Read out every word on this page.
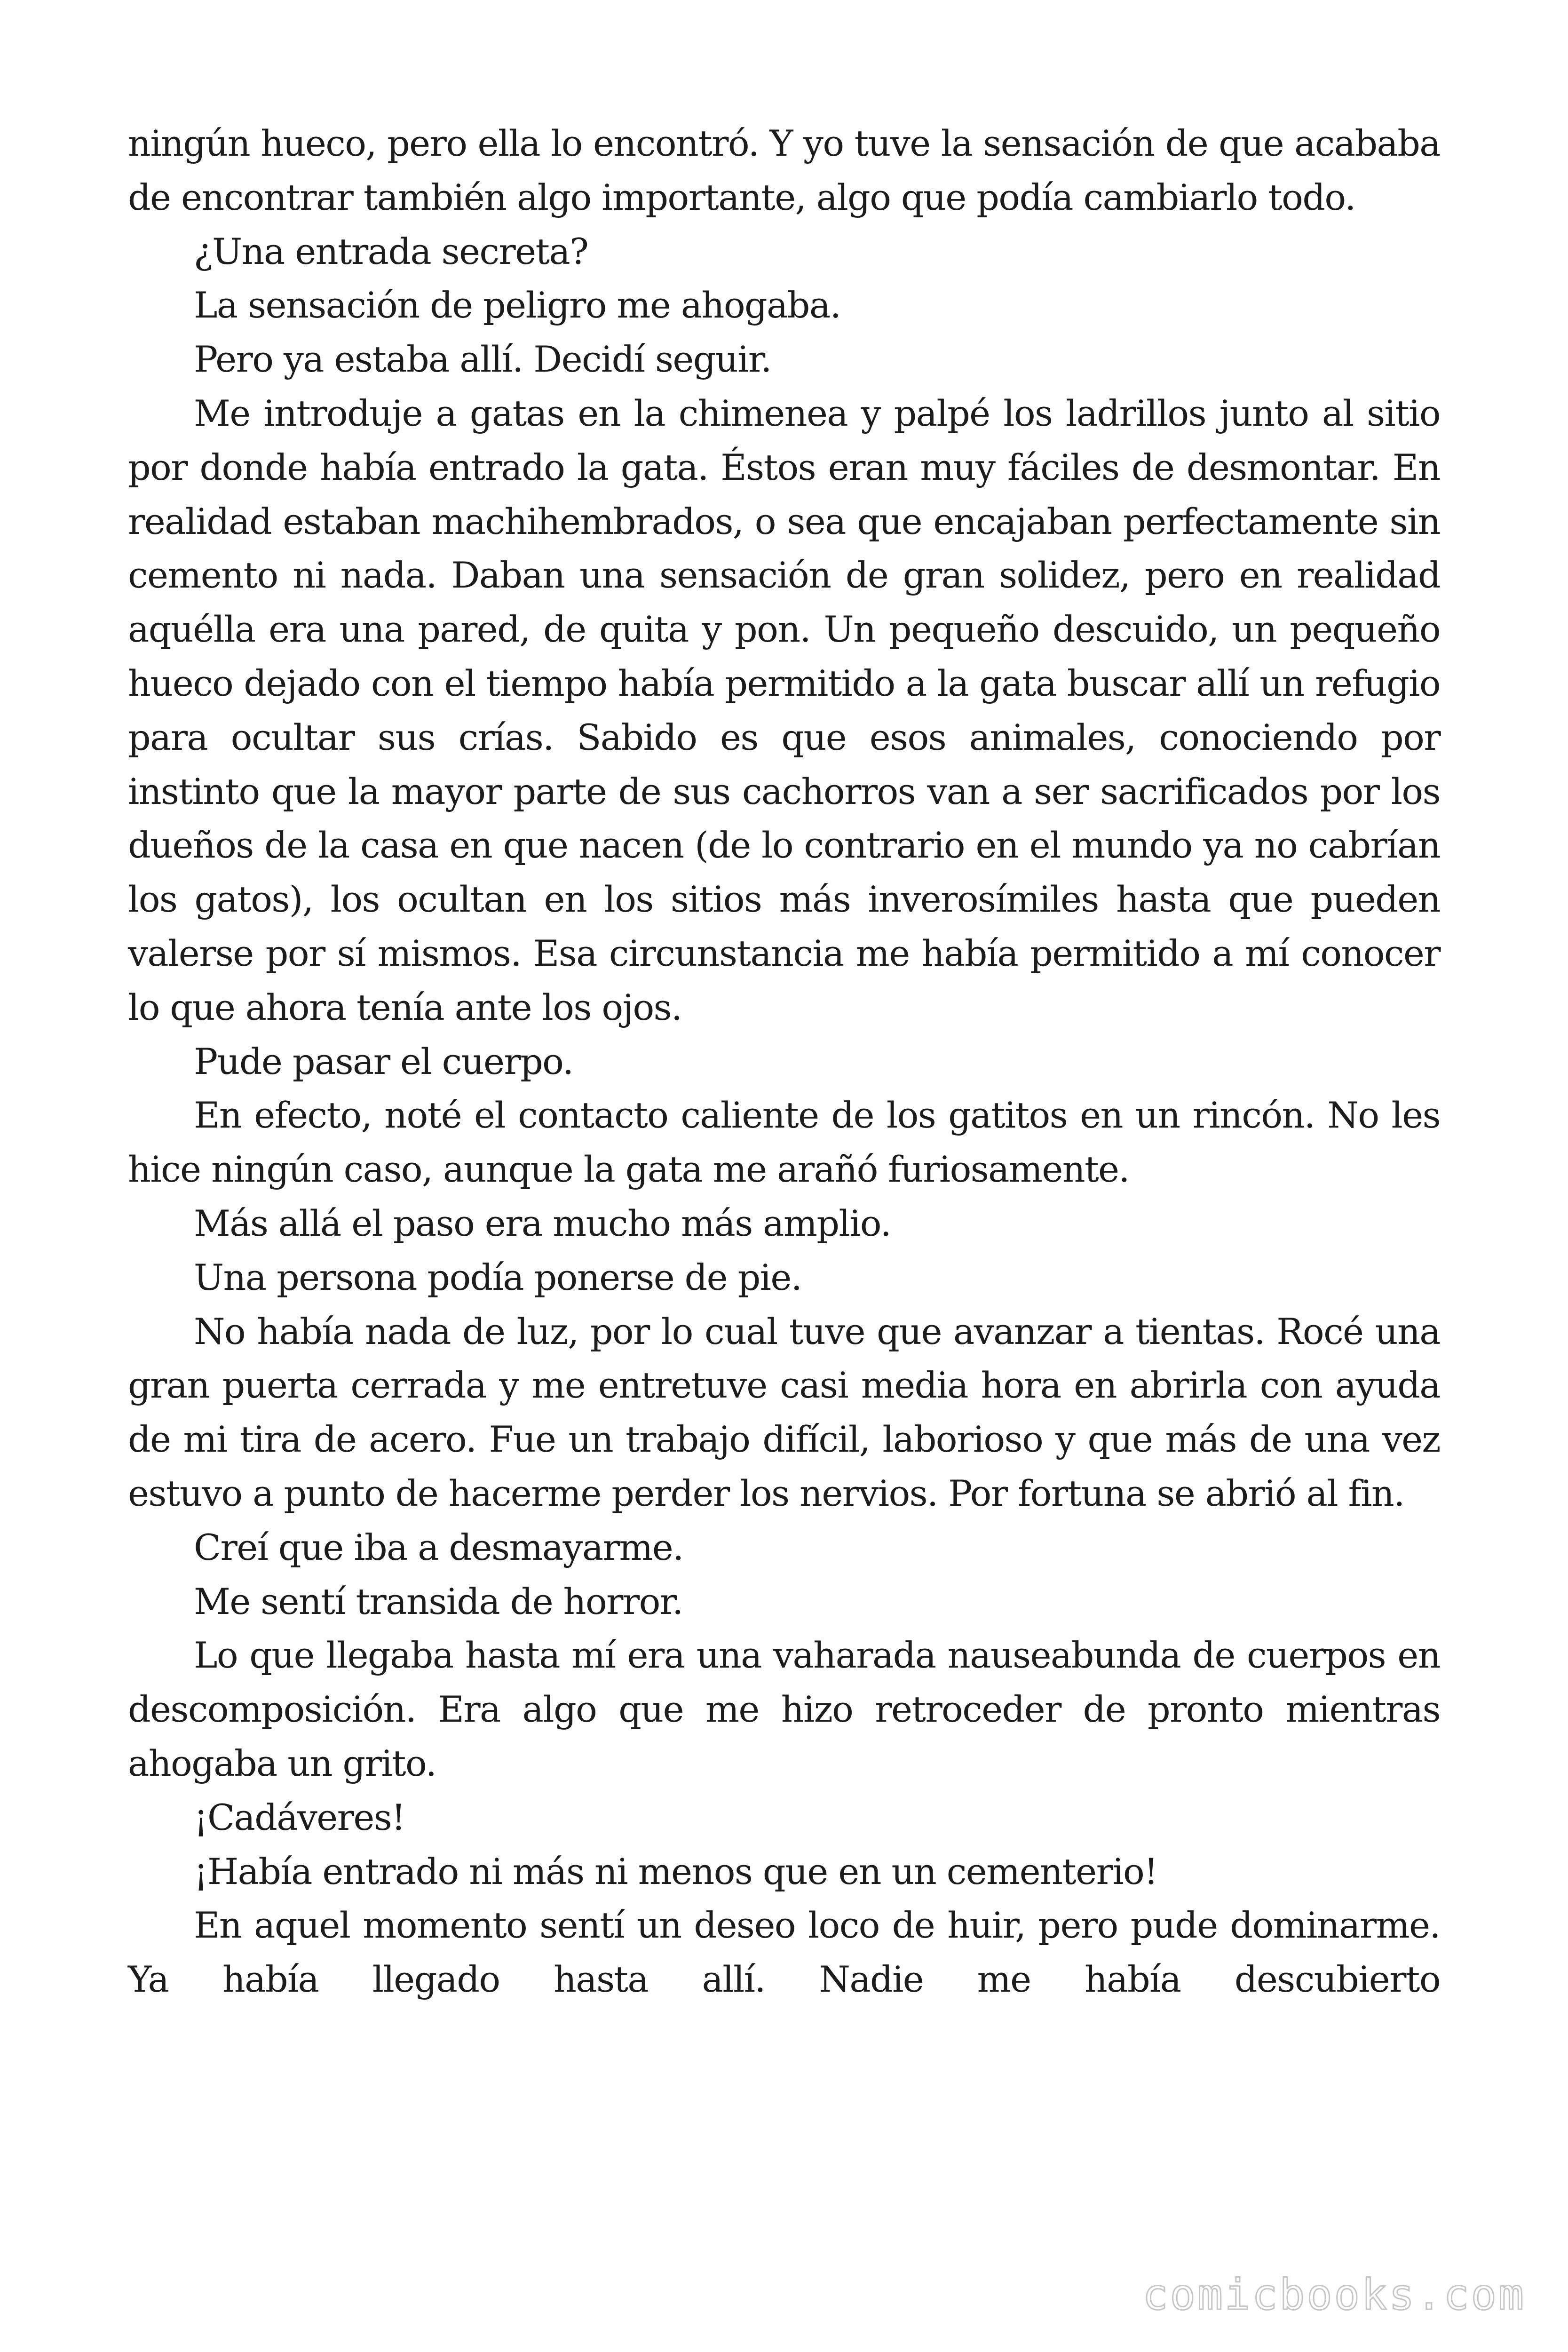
ningún hueco, pero ella lo encontró. Y yo tuve la sensación de que acababa de encontrar también algo importante, algo que podía cambiarlo todo.

¿Una entrada secreta?

La sensación de peligro me ahogaba.

Pero ya estaba allí. Decidí seguir.

Me introduje a gatas en la chimenea y palpé los ladrillos junto al sitio por donde había entrado la gata. Éstos eran muy fáciles de desmontar. En realidad estaban machihembrados, o sea que encajaban perfectamente sin cemento ni nada. Daban una sensación de gran solidez, pero en realidad aquélla era una pared, de quita y pon. Un pequeño descuido, un pequeño hueco dejado con el tiempo había permitido a la gata buscar allí un refugio para ocultar sus crías. Sabido es que esos animales, conociendo por instinto que la mayor parte de sus cachorros van a ser sacrificados por los dueños de la casa en que nacen (de lo contrario en el mundo ya no cabrían los gatos), los ocultan en los sitios más inverosímiles hasta que pueden valerse por sí mismos. Esa circunstancia me había permitido a mí conocer lo que ahora tenía ante los ojos.

Pude pasar el cuerpo.

En efecto, noté el contacto caliente de los gatitos en un rincón. No les hice ningún caso, aunque la gata me arañó furiosamente.

Más allá el paso era mucho más amplio.

Una persona podía ponerse de pie.

No había nada de luz, por lo cual tuve que avanzar a tientas. Rocé una gran puerta cerrada y me entretuve casi media hora en abrirla con ayuda de mi tira de acero. Fue un trabajo difícil, laborioso y que más de una vez estuvo a punto de hacerme perder los nervios. Por fortuna se abrió al fin.

Creí que iba a desmayarme.

Me sentí transida de horror.

Lo que llegaba hasta mí era una vaharada nauseabunda de cuerpos en descomposición. Era algo que me hizo retroceder de pronto mientras ahogaba un grito.

¡Cadáveres!

¡Había entrado ni más ni menos que en un cementerio!

En aquel momento sentí un deseo loco de huir, pero pude dominarme. Ya había llegado hasta allí. Nadie me había descubierto

comicbooks.com
